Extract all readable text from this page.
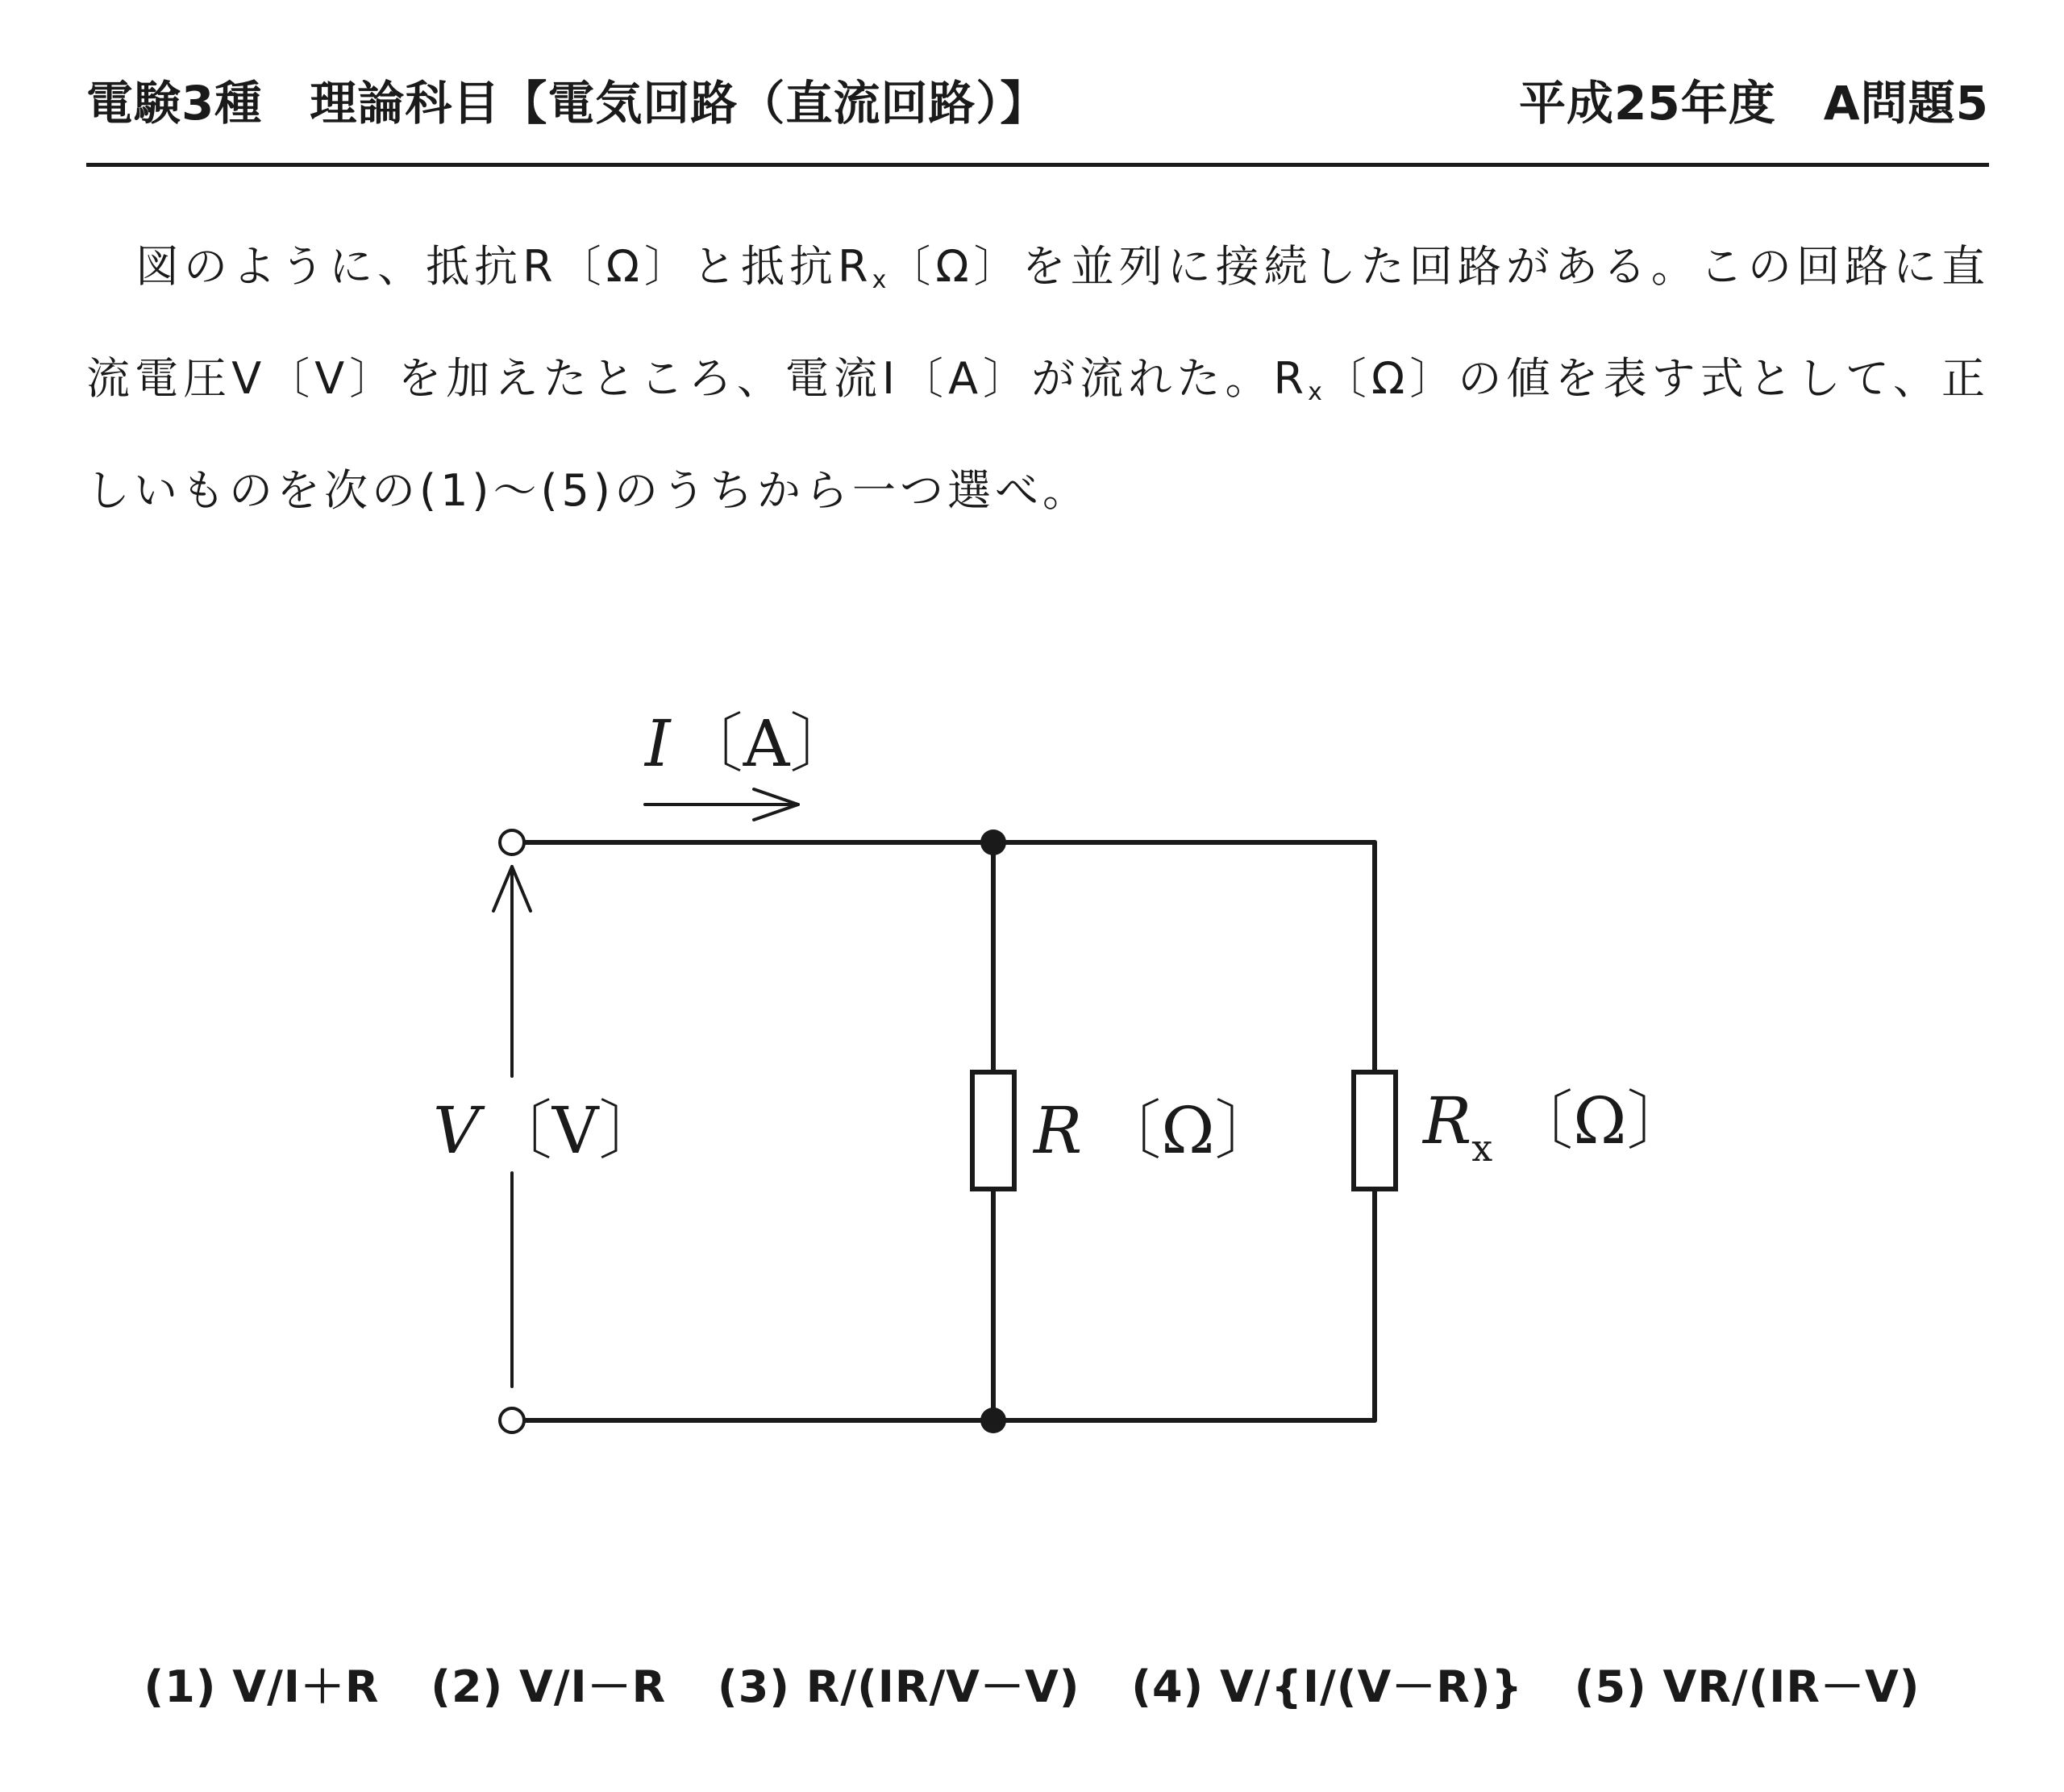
電験3種　理論科目【電気回路（直流回路）】	平成25年度　A問題5
図のように、抵抗R〔Ω〕と抵抗$R_x$〔Ω〕を並列に接続した回路がある。この回路に直流電圧V〔V〕を加えたところ、電流I〔A〕が流れた。$R_x$〔Ω〕の値を表す式として、正しいものを次の(1)～(5)のうちから一つ選べ。
I 〔A〕
V 〔V〕	R 〔Ω〕 $R_x$ 〔Ω〕
(1) V/I＋R (2) V/I－R (3) R/(IR/V－V) (4) V/{I/(V－R)} (5) VR/(IR－V)
